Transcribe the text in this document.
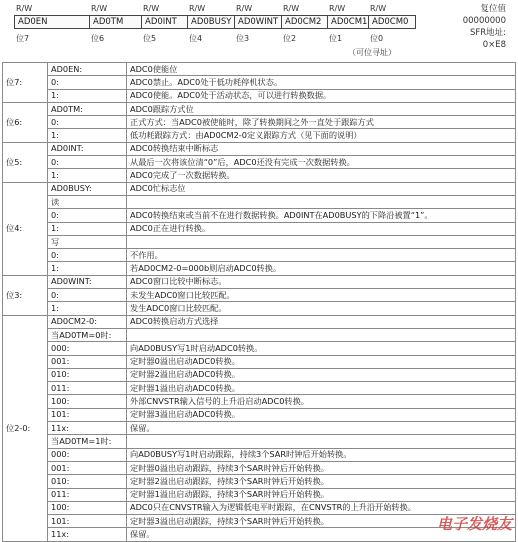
R/W	R/W	R/W	R/W	R/W	R/W	R/W	R/W
AD0EN	AD0TM	AD0INT	AD0BUSY AD0WINT AD0CM2	AD0CM1 AD0CM0
位7	位6	位5	位4	位3	位2	位1	位0
（可位寻址）
复位值
00000000
SFR地址:
0×E8
位7:	AD0EN:	ADC0使能位
	0:	ADC0禁止。ADC0处于低功耗停机状态。
	1:	ADC0使能。ADC0处于活动状态，可以进行转换数据。
位6:	AD0TM:	ADC0跟踪方式位
	0:	正式方式：当ADC0被使能时，除了转换期间之外一直处于跟踪方式
	1:	低功耗跟踪方式：由AD0CM2-0定义跟踪方式（见下面的说明）
位5:	AD0INT:	ADC0转换结束中断标志
	0:	从最后一次将该位清“0”后，ADC0还没有完成一次数据转换。
	1:	ADC0完成了一次数据转换。
位4:	AD0BUSY:	ADC0忙标志位
	读	
	0:	ADC0转换结束或当前不在进行数据转换。AD0INT在AD0BUSY的下降沿被置“1”。
	1:	ADC0正在进行转换。
	写	
	0:	不作用。
	1:	若AD0CM2-0=000b则启动ADC0转换。
位3:	AD0WINT:	ADC0窗口比较中断标志。
	0:	未发生ADC0窗口比较匹配。
	1:	发生ADC0窗口比较匹配。
位2-0:	AD0CM2-0:	ADC0转换启动方式选择
	当AD0TM=0时:	
	000:	向AD0BUSY写1时启动ADC0转换。
	001:	定时器0溢出启动ADC0转换。
	010:	定时器2溢出启动ADC0转换。
	011:	定时器1溢出启动ADC0转换。
	100:	外部CNVSTR输入信号的上升沿启动ADC0转换。
	101:	定时器3溢出启动ADC0转换。
	11x:	保留。
	当AD0TM=1时:	
	000:	向AD0BUSY写1时启动跟踪，持续3个SAR时钟后开始转换。
	001:	定时器0溢出启动跟踪，持续3个SAR时钟后开始转换。
	010:	定时器2溢出启动跟踪，持续3个SAR时钟后开始转换。
	011:	定时器1溢出启动跟踪，持续3个SAR时钟后开始转换。
	100:	ADC0只在CNVSTR输入为逻辑低电平时跟踪，在CNVSTR的上升沿开始转换。
	101:	定时器3溢出启动跟踪，持续3个SAR时钟后开始转换。
	11x:	保留。
电子发烧友
